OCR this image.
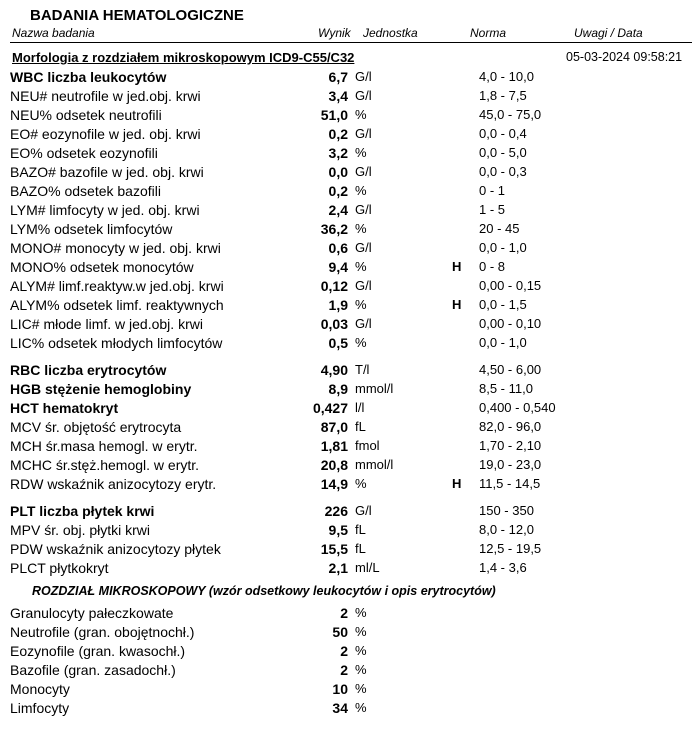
BADANIA HEMATOLOGICZNE
Nazwa badania	Wynik Jednostka	Norma	Uwagi / Data
Morfologia z rozdziałem mikroskopowym ICD9-C55/C32	05-03-2024 09:58:21
WBC liczba leukocytów	6,7 G/l	4,0 - 10,0
NEU# neutrofile w jed.obj. krwi	3,4 G/l	1,8 - 7,5
NEU% odsetek neutrofili	51,0 %	45,0 - 75,0
EO# eozynofile w jed. obj. krwi	0,2 G/l	0,0 - 0,4
EO% odsetek eozynofili	3,2 %	0,0 - 5,0
BAZO# bazofile w jed. obj. krwi	0,0 G/l	0,0 - 0,3
BAZO% odsetek bazofili	0,2 %	0 - 1
LYM# limfocyty w jed. obj. krwi	2,4 G/l	1 - 5
LYM% odsetek limfocytów	36,2 %	20 - 45
MONO# monocyty w jed. obj. krwi	0,6 G/l	0,0 - 1,0
MONO% odsetek monocytów	9,4 %	H 0 - 8
ALYM# limf.reaktyw.w jed.obj. krwi	0,12 G/l	0,00 - 0,15
ALYM% odsetek limf. reaktywnych	1,9 %	H 0,0 - 1,5
LIC# młode limf. w jed.obj. krwi	0,03 G/l	0,00 - 0,10
LIC% odsetek młodych limfocytów	0,5 %	0,0 - 1,0
RBC liczba erytrocytów	4,90 T/l	4,50 - 6,00
HGB stężenie hemoglobiny	8,9 mmol/l	8,5 - 11,0
HCT hematokryt	0,427 l/l	0,400 - 0,540
MCV śr. objętość erytrocyta	87,0 fL	82,0 - 96,0
MCH śr.masa hemogl. w erytr.	1,81 fmol	1,70 - 2,10
MCHC śr.stęż.hemogl. w erytr.	20,8 mmol/l	19,0 - 23,0
RDW wskaźnik anizocytozy erytr.	14,9 %	H 11,5 - 14,5
PLT liczba płytek krwi	226 G/l	150 - 350
MPV śr. obj. płytki krwi	9,5 fL	8,0 - 12,0
PDW wskaźnik anizocytozy płytek	15,5 fL	12,5 - 19,5
PLCT płytkokryt	2,1 ml/L	1,4 - 3,6
ROZDZIAŁ MIKROSKOPOWY (wzór odsetkowy leukocytów i opis erytrocytów)
Granulocyty pałeczkowate	2 %
Neutrofile (gran. obojętnochł.)	50 %
Eozynofile (gran. kwasochł.)	2 %
Bazofile (gran. zasadochł.)	2 %
Monocyty	10 %
Limfocyty	34 %
